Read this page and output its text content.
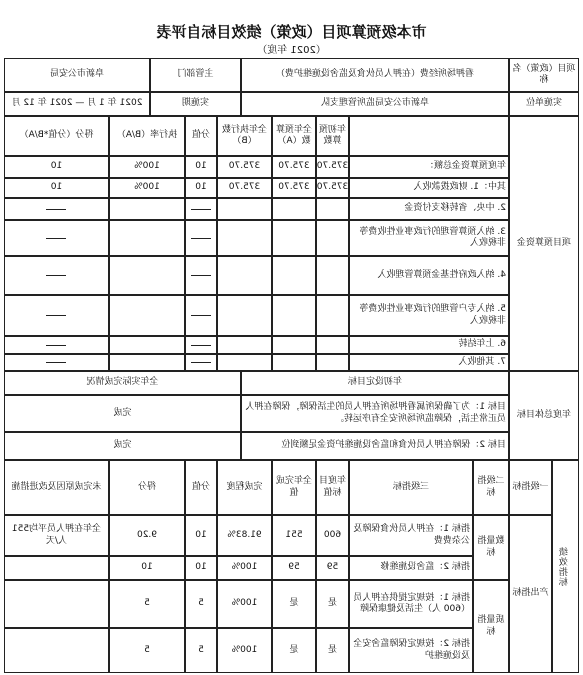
市本级预算项目（政策）绩效目标自评表
（2021 年度）
项目（政策）名称
看押场所经费（在押人员伙食及监舍设施维护费）
主管部门
阜新市公安局
实施单位
阜新市公安局监所管理支队
实施期
2021 年 1 月 — 2021 年 12 月
项目预算资金
年初预算数
全年预算数（A）
全年执行数（B）
分值
执行率（B/A）
得分（分值*B/A）
年度预算资金总额：
375.70
375.70
375.70
10
100%
10
其中：1. 财政拨款收入
375.70
375.70
375.70
10
100%
10
2. 中央、省转移支付资金
3. 纳入预算管理的行政事业性收费等非税收入
4. 纳入政府性基金预算管理收入
5. 纳入专户管理的行政事业性收费等非税收入
6. 上年结转
7. 其他收入
年度总体目标
年初设定目标
全年实际完成情况
目标 1：为了确保所属看押场所在押人员的生活保障，保障在押人员正常生活，保障监所场所安全有序运转。
完成
目标 2：保障在押人员伙食和监舍设施维护资金足额到位
完成
绩效指标
一级指标
二级指标
三级指标
年度目标值
全年完成值
完成程度
分值
得分
未完成原因及改进措施
产出指标
数量指标
质量指标
指标 1：在押人员伙食保障及公杂费费
600
551
91.83%
10
9.20
全年在押人员平均551 人/天
指标 2：监舍设施维修
59
59
100%
10
10
指标 1：按规定提供在押人员（600 人）生活及健康保障
是
是
100%
5
5
指标 2：按规定保障监舍安全及设施维护
是
是
100%
5
5
